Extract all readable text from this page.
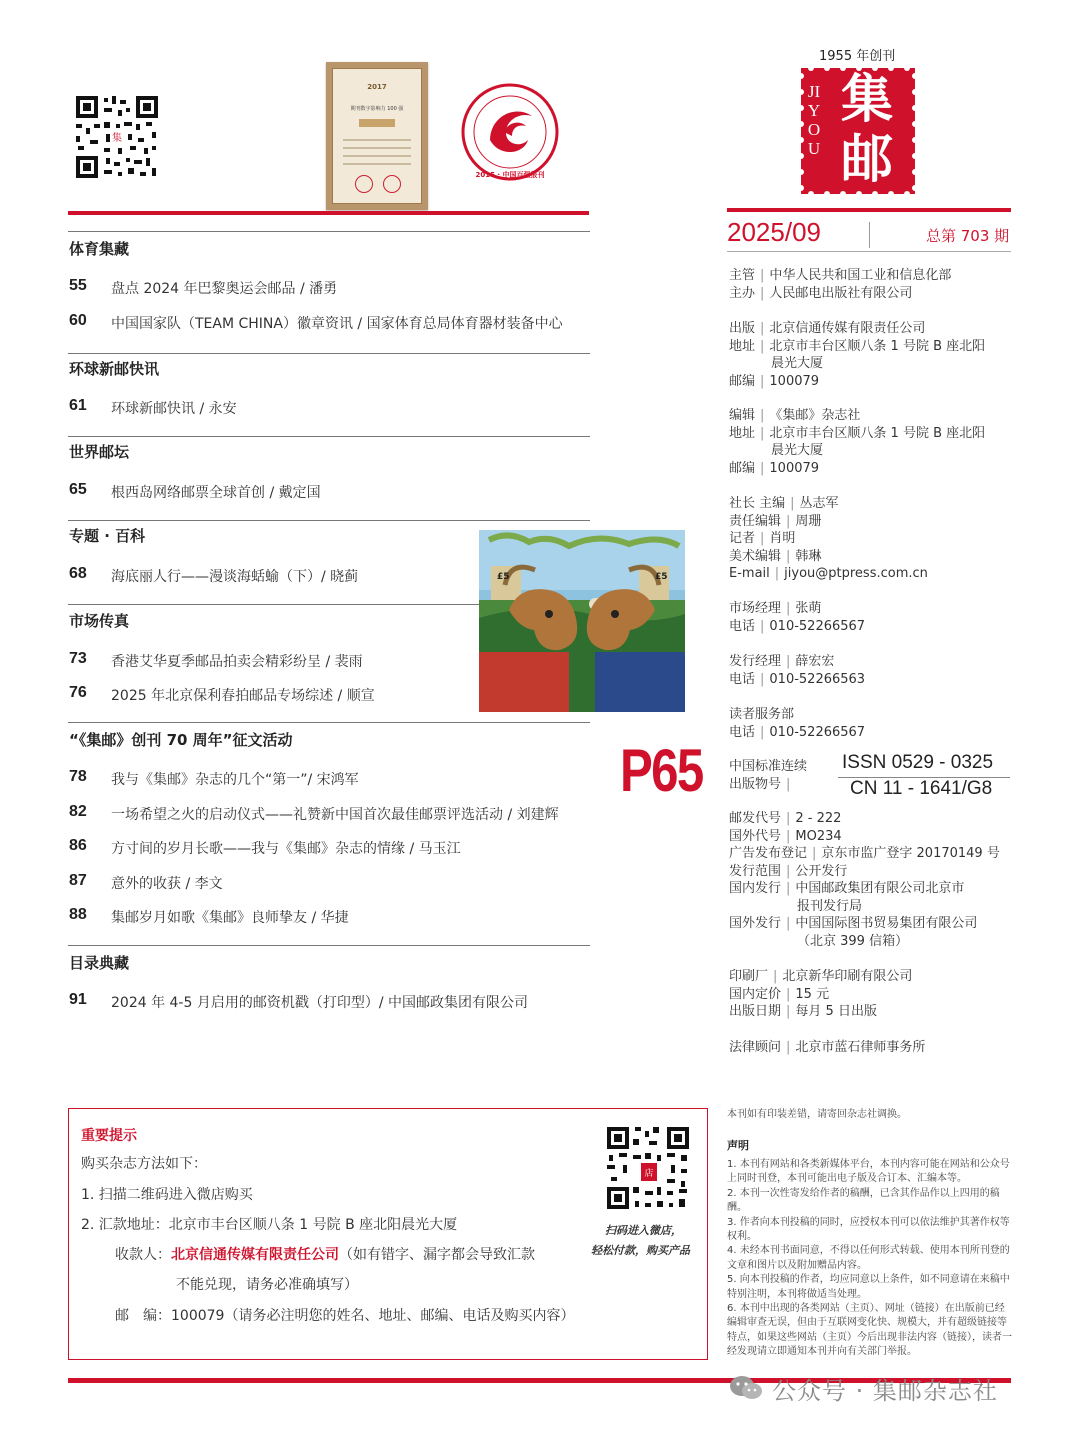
集
2017
期刊数字影响力 100 强
2015 · 中国百强报刊
1955 年创刊
JIYOU
集邮
2025/09	总第 703 期
体育集藏
55 盘点 2024 年巴黎奥运会邮品 / 潘勇
60 中国国家队（TEAM CHINA）徽章资讯 / 国家体育总局体育器材装备中心
环球新邮快讯
61 环球新邮快讯 / 永安
世界邮坛
65 根西岛网络邮票全球首创 / 戴定国
专题 · 百科
68 海底丽人行——漫谈海蛞蝓（下）/ 晓蓟
市场传真
73 香港艾华夏季邮品拍卖会精彩纷呈 / 裴雨
76 2025 年北京保利春拍邮品专场综述 / 顺宣
“《集邮》创刊 70 周年”征文活动
78 我与《集邮》杂志的几个“第一”/ 宋鸿军
82 一场希望之火的启动仪式——礼赞新中国首次最佳邮票评选活动 / 刘建辉
86 方寸间的岁月长歌——我与《集邮》杂志的情缘 / 马玉江
87 意外的收获 / 李文
88 集邮岁月如歌《集邮》良师挚友 / 华捷
目录典藏
91 2024 年 4-5 月启用的邮资机戳（打印型）/ 中国邮政集团有限公司
£5	£5
P65
主管 | 中华人民共和国工业和信息化部
主办 | 人民邮电出版社有限公司
出版 | 北京信通传媒有限责任公司
地址 | 北京市丰台区顺八条 1 号院 B 座北阳
晨光大厦
邮编 | 100079
编辑 | 《集邮》杂志社
地址 | 北京市丰台区顺八条 1 号院 B 座北阳
晨光大厦
邮编 | 100079
社长 主编 | 丛志军
责任编辑 | 周珊
记者 | 肖明
美术编辑 | 韩琳
E-mail | jiyou@ptpress.com.cn
市场经理 | 张萌
电话 | 010-52266567
发行经理 | 薛宏宏
电话 | 010-52266563
读者服务部
电话 | 010-52266567
邮发代号 | 2 - 222
国外代号 | MO234
广告发布登记 | 京东市监广登字 20170149 号
发行范围 | 公开发行
国内发行 | 中国邮政集团有限公司北京市
报刊发行局
国外发行 | 中国国际图书贸易集团有限公司
（北京 399 信箱）
印刷厂 | 北京新华印刷有限公司
国内定价 | 15 元
出版日期 | 每月 5 日出版
法律顾问 | 北京市蓝石律师事务所
中国标准连续
出版物号 |
ISSN 0529 - 0325
CN 11 - 1641/G8
本刊如有印装差错，请寄回杂志社调换。
声明
1. 本刊有网站和各类新媒体平台，本刊内容可能在网站和公众号上同时刊登，本刊可能出电子版及合订本、汇编本等。
2. 本刊一次性寄发给作者的稿酬，已含其作品作以上四用的稿酬。
3. 作者向本刊投稿的同时，应授权本刊可以依法维护其著作权等权利。
4. 未经本刊书面同意，不得以任何形式转载、使用本刊所刊登的文章和图片以及附加赠品内容。
5. 向本刊投稿的作者，均应同意以上条件，如不同意请在来稿中特别注明，本刊将做适当处理。
6. 本刊中出现的各类网站（主页）、网址（链接）在出版前已经编辑审查无误，但由于互联网变化快、规模大，并有超级链接等特点，如果这些网站（主页）今后出现非法内容（链接），读者一经发现请立即通知本刊并向有关部门举报。
重要提示
购买杂志方法如下：
1. 扫描二维码进入微店购买
2. 汇款地址：北京市丰台区顺八条 1 号院 B 座北阳晨光大厦
收款人：北京信通传媒有限责任公司（如有错字、漏字都会导致汇款
不能兑现，请务必准确填写）
邮　编：100079（请务必注明您的姓名、地址、邮编、电话及购买内容）
店
扫码进入微店，
轻松付款，购买产品
公众号 · 集邮杂志社
